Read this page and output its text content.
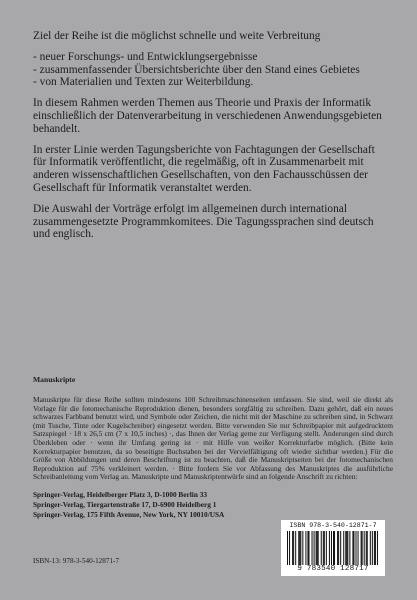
Ziel der Reihe ist die möglichst schnelle und weite Verbreitung

- neuer Forschungs- und Entwicklungsergebnisse
- zusammenfassender Übersichtsberichte über den Stand eines Gebietes
- von Materialien und Texten zur Weiterbildung.

In diesem Rahmen werden Themen aus Theorie und Praxis der Informatik einschließlich der Datenverarbeitung in verschiedenen Anwendungsgebieten behandelt.

In erster Linie werden Tagungsberichte von Fachtagungen der Gesellschaft für Informatik veröffentlicht, die regelmäßig, oft in Zusammenarbeit mit anderen wissenschaftlichen Gesellschaften, von den Fachausschüssen der Gesellschaft für Informatik veranstaltet werden.

Die Auswahl der Vorträge erfolgt im allgemeinen durch international zusammengesetzte Programmkomitees. Die Tagungssprachen sind deutsch und englisch.

Manuskripte

Manuskripte für diese Reihe sollten mindestens 100 Schreibmaschinenseiten umfassen. Sie sind, weil sie direkt als Vorlage für die fotomechanische Reproduktion dienen, besonders sorgfältig zu schreiben. Dazu gehört, daß ein neues schwarzes Farbband benutzt wird, und Symbole oder Zeichen, die nicht mit der Maschine zu schreiben sind, in Schwarz (mit Tusche, Tinte oder Kugelschreiber) eingesetzt werden. Bitte verwenden Sie nur Schreibpapier mit aufgedrucktem Satzspiegel · 18 x 26,5 cm (7 x 10,5 inches) ·, das Ihnen der Verlag gerne zur Verfügung stellt. Änderungen sind durch Überkleben oder · wenn ihr Umfang gering ist · mit Hilfe von weißer Korrekturfarbe möglich. (Bitte kein Korrekturpapier benutzen, da so beseitigte Buchstaben bei der Vervielfältigung oft wieder sichtbar werden.) Für die Größe von Abbildungen und deren Beschriftung ist zu beachten, daß die Manuskriptseiten bei der fotomechanischen Reproduktion auf 75% verkleinert werden. · Bitte fordern Sie vor Abfassung des Manuskriptes die ausführliche Schreibanleitung vom Verlag an. Manuskripte und Manuskriptentwürfe sind an folgende Anschrift zu richten:

Springer-Verlag, Heidelberger Platz 3, D-1000 Berlin 33
Springer-Verlag, Tiergartenstraße 17, D-6900 Heidelberg 1
Springer-Verlag, 175 Fifth Avenue, New York, NY 10010/USA
ISBN-13: 978-3-540-12871-7
ISBN 978-3-540-12871-7
9 783540 128717
